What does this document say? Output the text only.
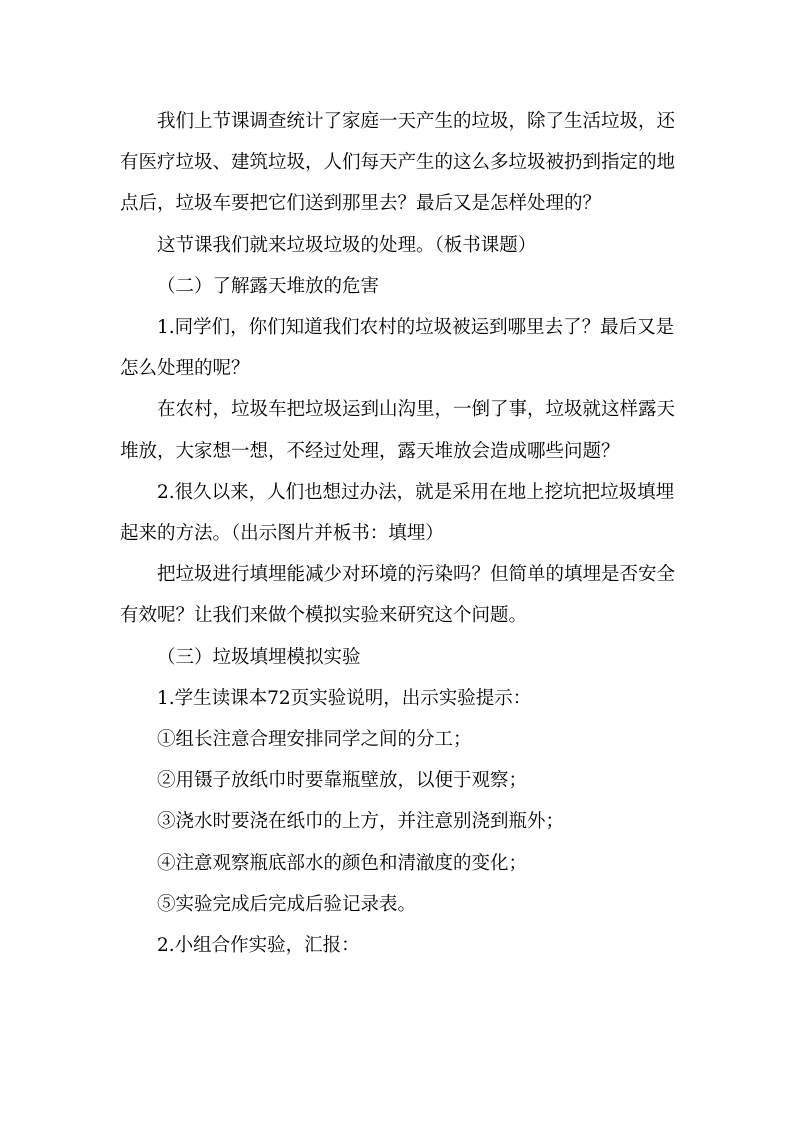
我们上节课调查统计了家庭一天产生的垃圾，除了生活垃圾，还有医疗垃圾、建筑垃圾，人们每天产生的这么多垃圾被扔到指定的地点后，垃圾车要把它们送到那里去？最后又是怎样处理的？

这节课我们就来垃圾垃圾的处理。（板书课题）

（二）了解露天堆放的危害

1.同学们，你们知道我们农村的垃圾被运到哪里去了？最后又是怎么处理的呢？

在农村，垃圾车把垃圾运到山沟里，一倒了事，垃圾就这样露天堆放，大家想一想，不经过处理，露天堆放会造成哪些问题？

2.很久以来，人们也想过办法，就是采用在地上挖坑把垃圾填埋起来的方法。（出示图片并板书：填埋）

把垃圾进行填埋能减少对环境的污染吗？但简单的填埋是否安全有效呢？让我们来做个模拟实验来研究这个问题。

（三）垃圾填埋模拟实验

1.学生读课本72页实验说明，出示实验提示：

①组长注意合理安排同学之间的分工；

②用镊子放纸巾时要靠瓶壁放，以便于观察；

③浇水时要浇在纸巾的上方，并注意别浇到瓶外；

④注意观察瓶底部水的颜色和清澈度的变化；

⑤实验完成后完成后验记录表。

2.小组合作实验，汇报：
